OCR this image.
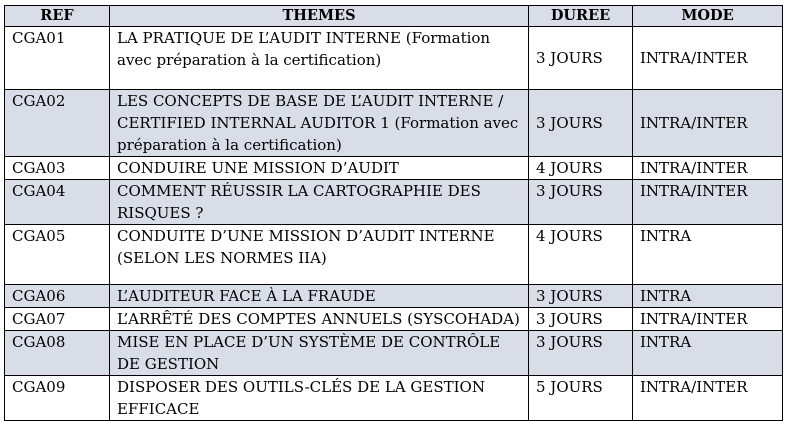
REF	THEMES	DUREE	MODE
CGA01	LA PRATIQUE DE L’AUDIT INTERNE (Formation avec préparation à la certification)	3 JOURS	INTRA/INTER
CGA02	LES CONCEPTS DE BASE DE L’AUDIT INTERNE / CERTIFIED INTERNAL AUDITOR 1 (Formation avec préparation à la certification)	3 JOURS	INTRA/INTER
CGA03	CONDUIRE UNE MISSION D’AUDIT	4 JOURS	INTRA/INTER
CGA04	COMMENT RÉUSSIR LA CARTOGRAPHIE DES RISQUES ?	3 JOURS	INTRA/INTER
CGA05	CONDUITE D’UNE MISSION D’AUDIT INTERNE (SELON LES NORMES IIA)	4 JOURS	INTRA
CGA06	L’AUDITEUR FACE À LA FRAUDE	3 JOURS	INTRA
CGA07	L’ARRÊTÉ DES COMPTES ANNUELS (SYSCOHADA)	3 JOURS	INTRA/INTER
CGA08	MISE EN PLACE D’UN SYSTÈME DE CONTRÔLE DE GESTION	3 JOURS	INTRA
CGA09	DISPOSER DES OUTILS-CLÉS DE LA GESTION EFFICACE	5 JOURS	INTRA/INTER
